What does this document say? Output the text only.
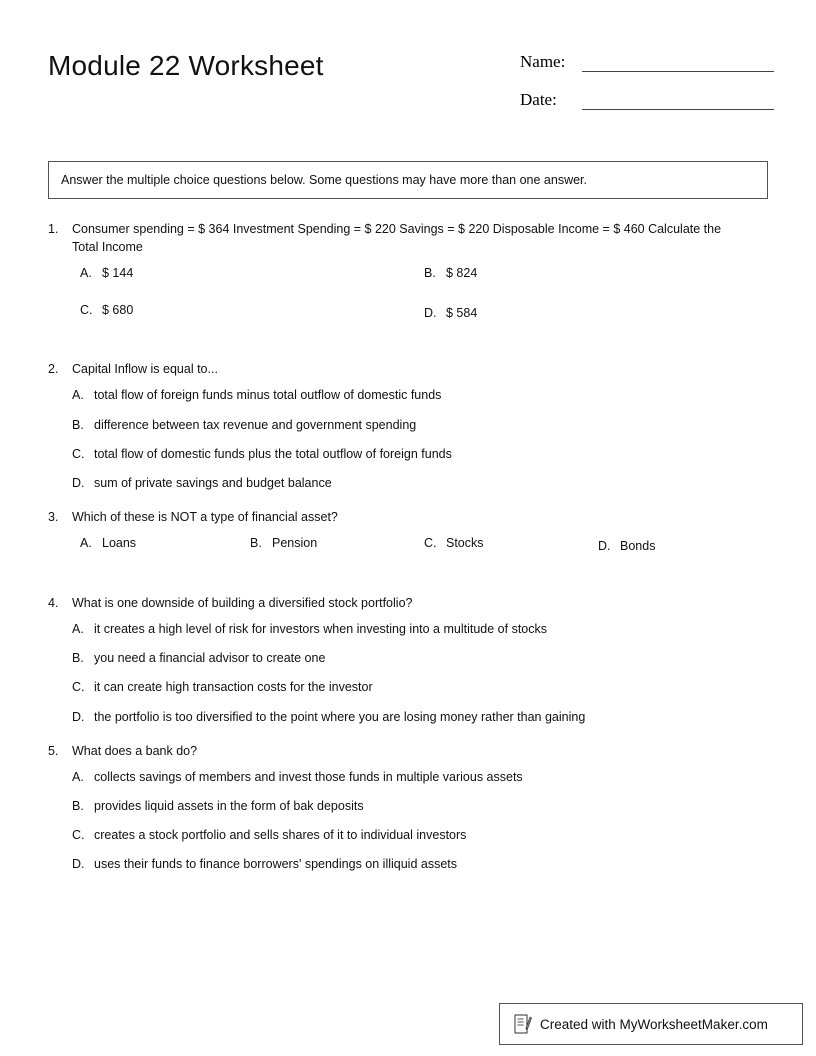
Module 22 Worksheet	Name:
Date:
Answer the multiple choice questions below. Some questions may have more than one answer.
1.	Consumer spending = $ 364 Investment Spending = $ 220 Savings = $ 220 Disposable Income = $ 460 Calculate the Total Income
A. $ 144	B. $ 824
C. $ 680	D. $ 584
2.	Capital Inflow is equal to...
A. total flow of foreign funds minus total outflow of domestic funds
B. difference between tax revenue and government spending
C. total flow of domestic funds plus the total outflow of foreign funds
D. sum of private savings and budget balance
3.	Which of these is NOT a type of financial asset?
A. Loans	B. Pension	C. Stocks	D. Bonds
4.	What is one downside of building a diversified stock portfolio?
A. it creates a high level of risk for investors when investing into a multitude of stocks
B. you need a financial advisor to create one
C. it can create high transaction costs for the investor
D. the portfolio is too diversified to the point where you are losing money rather than gaining
5.	What does a bank do?
A. collects savings of members and invest those funds in multiple various assets
B. provides liquid assets in the form of bak deposits
C. creates a stock portfolio and sells shares of it to individual investors
D. uses their funds to finance borrowers' spendings on illiquid assets
Created with MyWorksheetMaker.com
